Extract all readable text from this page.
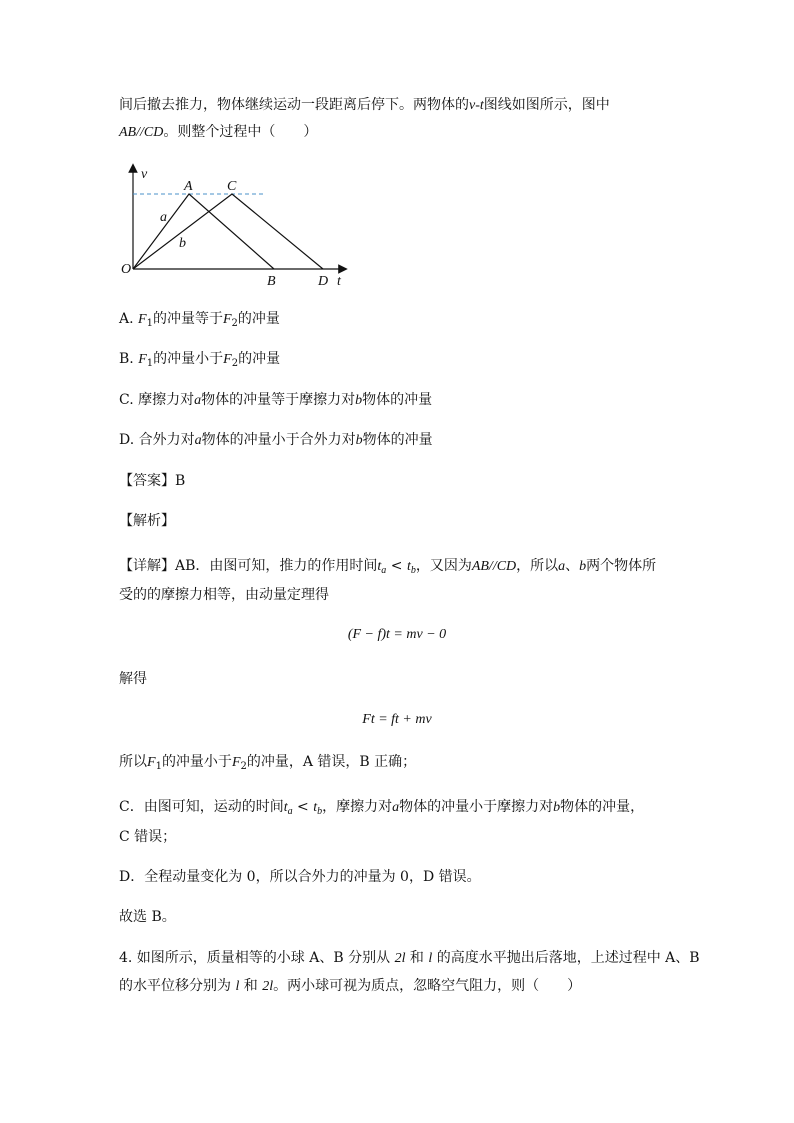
间后撤去推力，物体继续运动一段距离后停下。两物体的v-t图线如图所示，图中
AB//CD。则整个过程中（　　）
v
A C
a
b
O
B	D t
A. $F_1$的冲量等于$F_2$的冲量
B. $F_1$的冲量小于$F_2$的冲量
C. 摩擦力对a物体的冲量等于摩擦力对b物体的冲量
D. 合外力对a物体的冲量小于合外力对b物体的冲量
【答案】B
【解析】
【详解】AB．由图可知，推力的作用时间$t_a < t_b$，又因为AB//CD，所以a、b两个物体所
受的的摩擦力相等，由动量定理得
(F − f)t = mv − 0
解得
Ft = ft + mv
所以$F_1$的冲量小于$F_2$的冲量，A 错误，B 正确；
C．由图可知，运动的时间$t_a < t_b$，摩擦力对a物体的冲量小于摩擦力对b物体的冲量，
C 错误；
D．全程动量变化为 0，所以合外力的冲量为 0，D 错误。
故选 B。
4. 如图所示，质量相等的小球 A、B 分别从 2l 和 l 的高度水平抛出后落地，上述过程中 A、B
的水平位移分别为 l 和 2l。两小球可视为质点，忽略空气阻力，则（　　）
